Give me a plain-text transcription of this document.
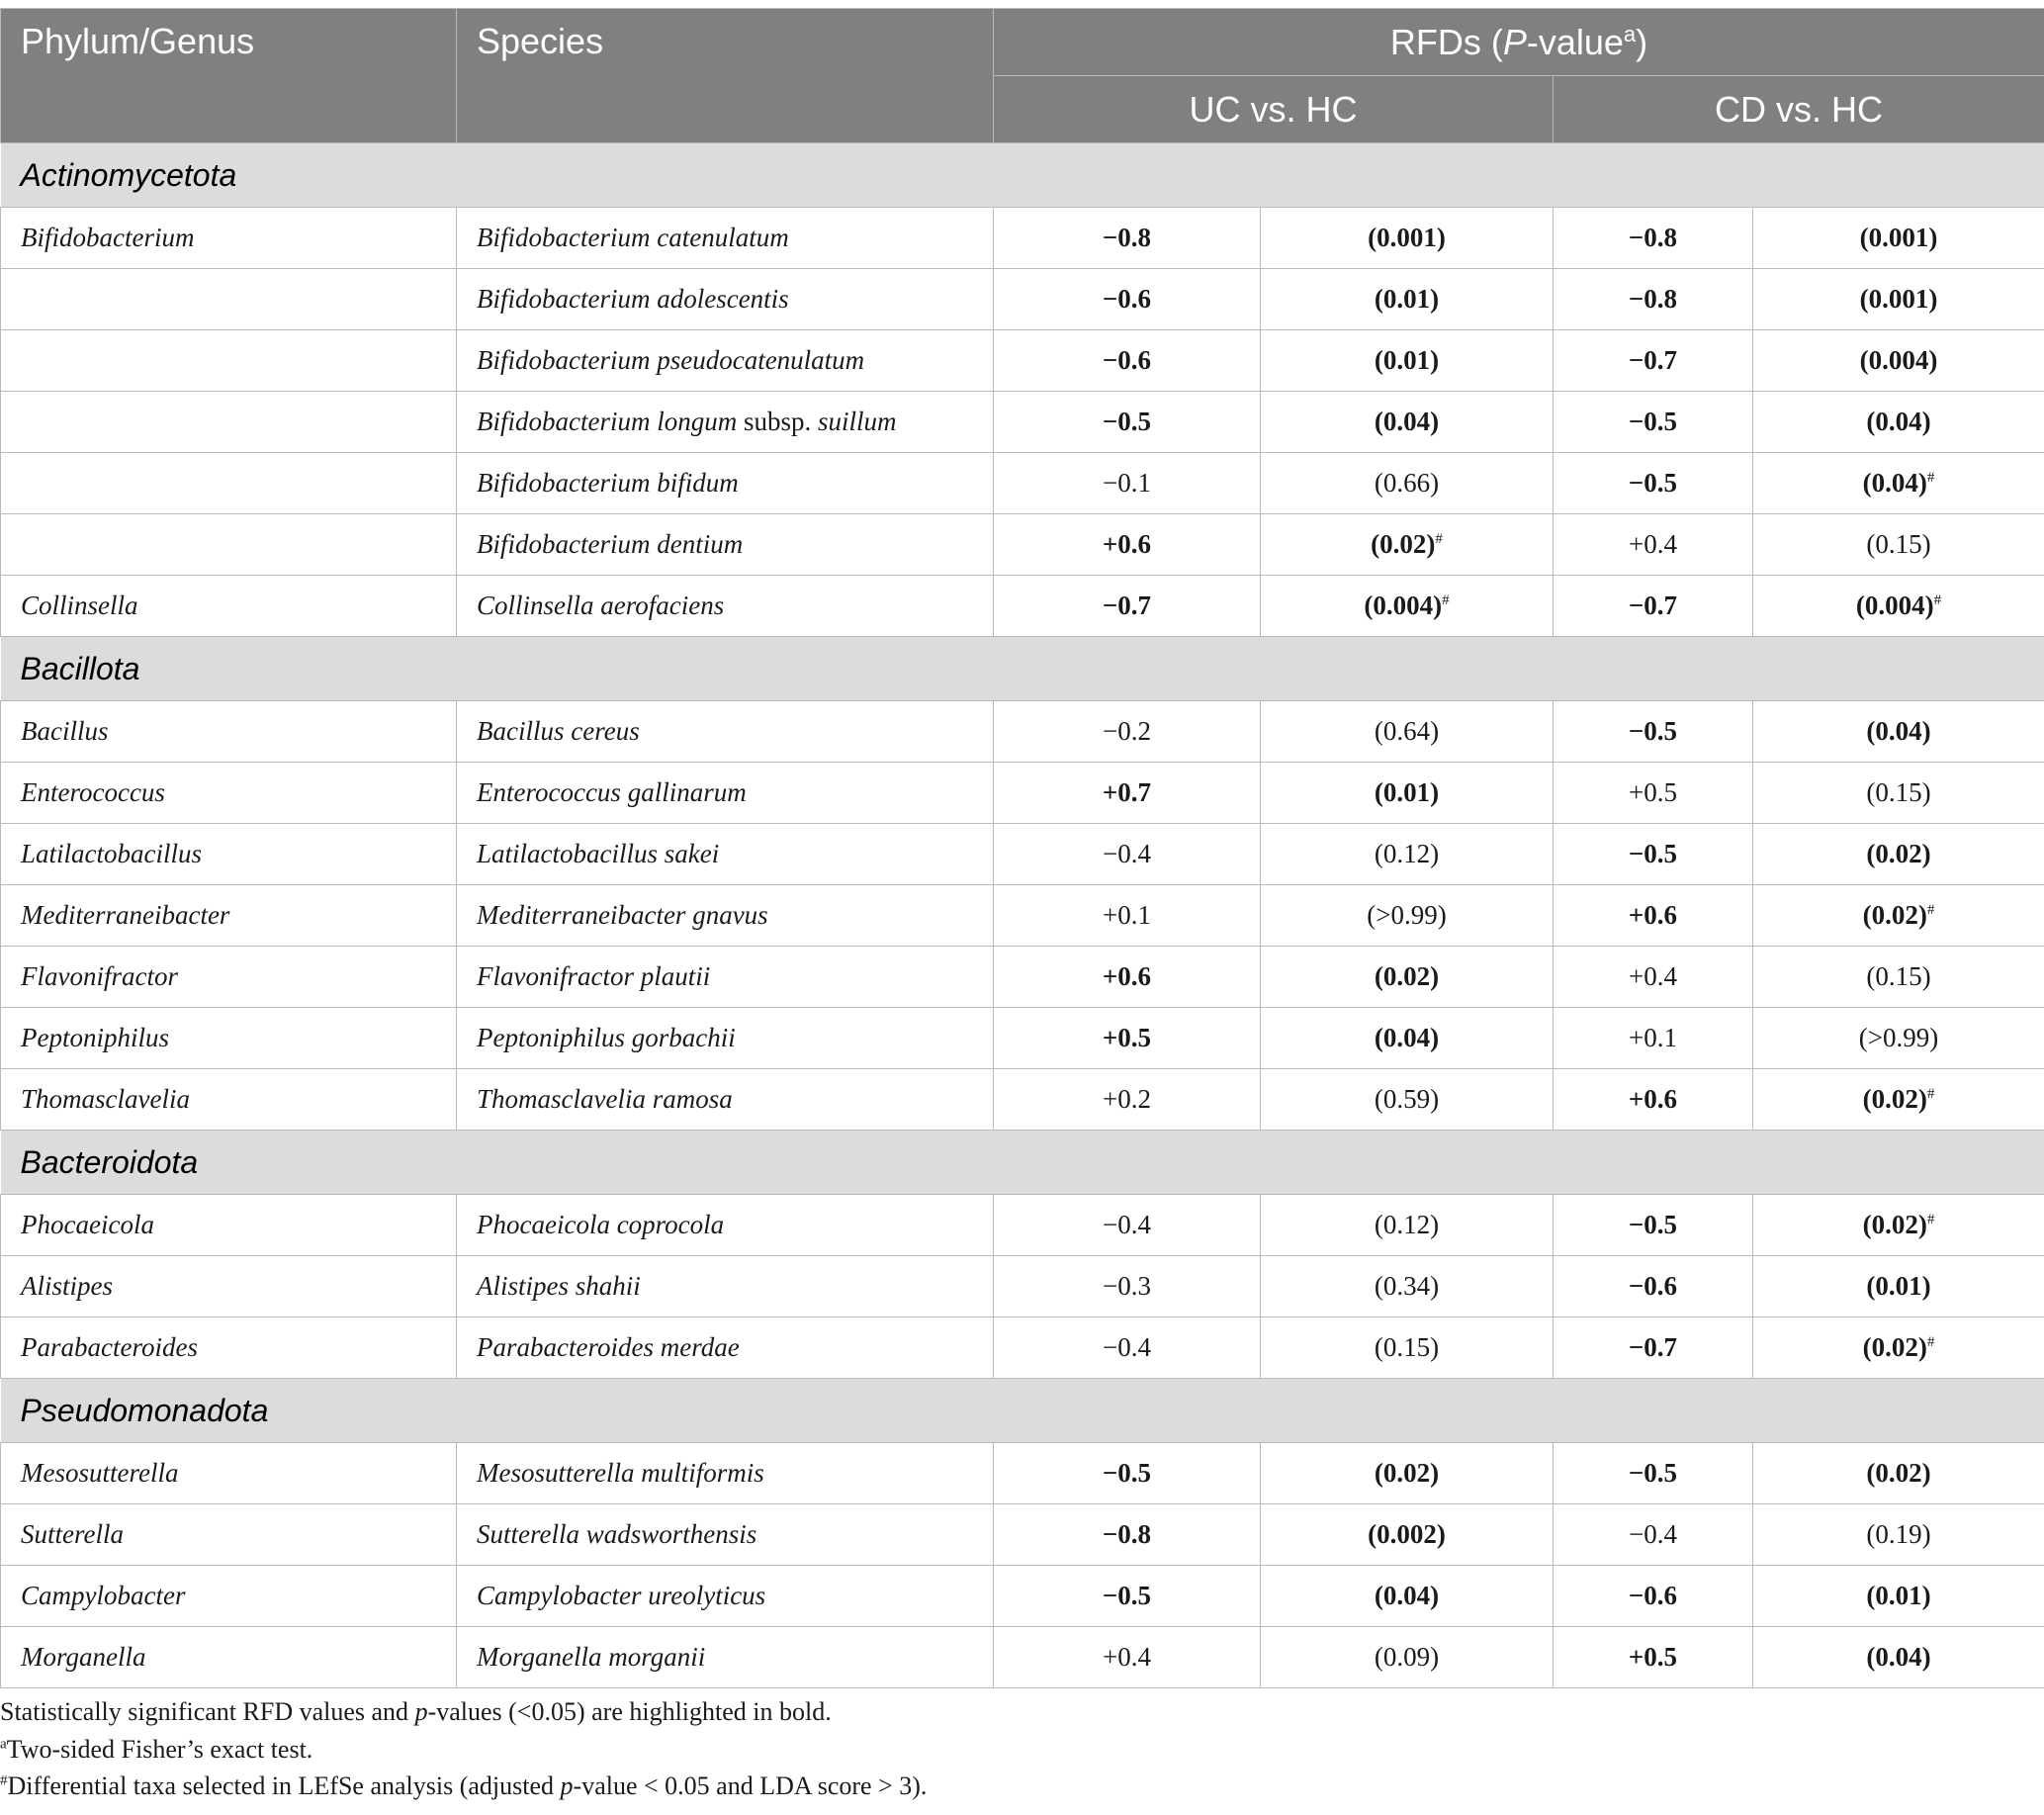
Phylum/Genus	Species	RFDs (P-value$^a$)			
		UC vs. HC		CD vs. HC	
Actinomycetota					
Bifidobacterium	Bifidobacterium catenulatum	−0.8	(0.001)	−0.8	(0.001)
	Bifidobacterium adolescentis	−0.6	(0.01)	−0.8	(0.001)
	Bifidobacterium pseudocatenulatum	−0.6	(0.01)	−0.7	(0.004)
	Bifidobacterium longum subsp. suillum	−0.5	(0.04)	−0.5	(0.04)
	Bifidobacterium bifidum	−0.1	(0.66)	−0.5	(0.04)#
	Bifidobacterium dentium	+0.6	(0.02)#	+0.4	(0.15)
Collinsella	Collinsella aerofaciens	−0.7	(0.004)#	−0.7	(0.004)#
Bacillota					
Bacillus	Bacillus cereus	−0.2	(0.64)	−0.5	(0.04)
Enterococcus	Enterococcus gallinarum	+0.7	(0.01)	+0.5	(0.15)
Latilactobacillus	Latilactobacillus sakei	−0.4	(0.12)	−0.5	(0.02)
Mediterraneibacter	Mediterraneibacter gnavus	+0.1	(>0.99)	+0.6	(0.02)#
Flavonifractor	Flavonifractor plautii	+0.6	(0.02)	+0.4	(0.15)
Peptoniphilus	Peptoniphilus gorbachii	+0.5	(0.04)	+0.1	(>0.99)
Thomasclavelia	Thomasclavelia ramosa	+0.2	(0.59)	+0.6	(0.02)#
Bacteroidota					
Phocaeicola	Phocaeicola coprocola	−0.4	(0.12)	−0.5	(0.02)#
Alistipes	Alistipes shahii	−0.3	(0.34)	−0.6	(0.01)
Parabacteroides	Parabacteroides merdae	−0.4	(0.15)	−0.7	(0.02)#
Pseudomonadota					
Mesosutterella	Mesosutterella multiformis	−0.5	(0.02)	−0.5	(0.02)
Sutterella	Sutterella wadsworthensis	−0.8	(0.002)	−0.4	(0.19)
Campylobacter	Campylobacter ureolyticus	−0.5	(0.04)	−0.6	(0.01)
Morganella	Morganella morganii	+0.4	(0.09)	+0.5	(0.04)
Statistically significant RFD values and p-values (<0.05) are highlighted in bold.
$^a$Two-sided Fisher’s exact test.
#Differential taxa selected in LEfSe analysis (adjusted p-value < 0.05 and LDA score > 3).
